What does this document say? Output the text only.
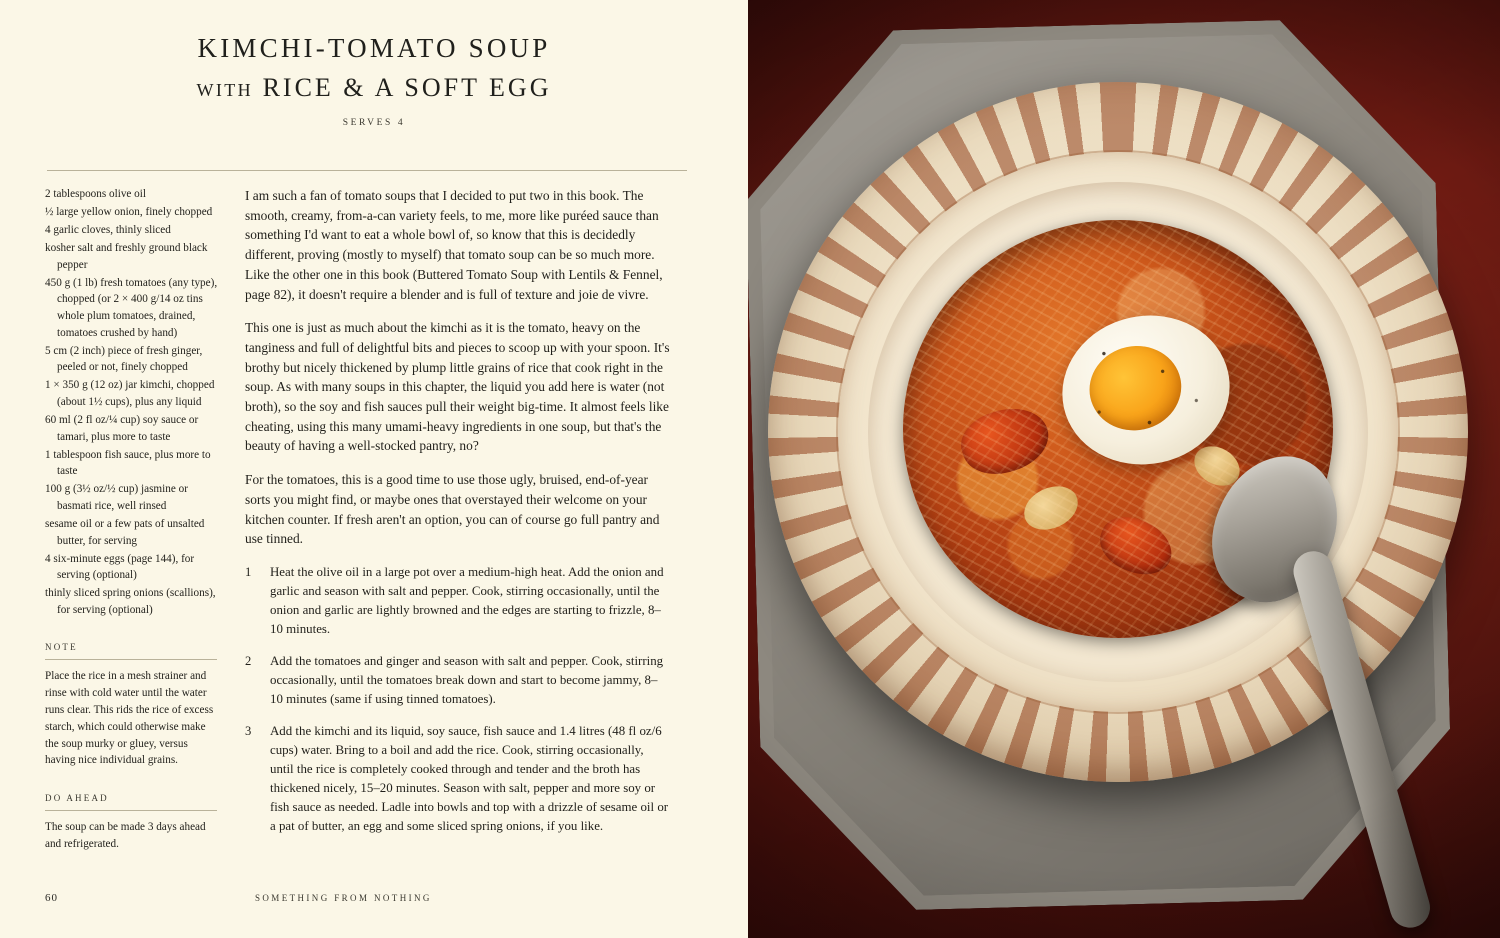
KIMCHI-TOMATO SOUP
WITH RICE & A SOFT EGG
SERVES 4
2 tablespoons olive oil
½ large yellow onion, finely chopped
4 garlic cloves, thinly sliced
kosher salt and freshly ground black pepper
450 g (1 lb) fresh tomatoes (any type), chopped (or 2 × 400 g/14 oz tins whole plum tomatoes, drained, tomatoes crushed by hand)
5 cm (2 inch) piece of fresh ginger, peeled or not, finely chopped
1 × 350 g (12 oz) jar kimchi, chopped (about 1½ cups), plus any liquid
60 ml (2 fl oz/¼ cup) soy sauce or tamari, plus more to taste
1 tablespoon fish sauce, plus more to taste
100 g (3½ oz/½ cup) jasmine or basmati rice, well rinsed
sesame oil or a few pats of unsalted butter, for serving
4 six-minute eggs (page 144), for serving (optional)
thinly sliced spring onions (scallions), for serving (optional)
NOTE
Place the rice in a mesh strainer and rinse with cold water until the water runs clear. This rids the rice of excess starch, which could otherwise make the soup murky or gluey, versus having nice individual grains.
DO AHEAD
The soup can be made 3 days ahead and refrigerated.

I am such a fan of tomato soups that I decided to put two in this book. The smooth, creamy, from-a-can variety feels, to me, more like puréed sauce than something I'd want to eat a whole bowl of, so know that this is decidedly different, proving (mostly to myself) that tomato soup can be so much more. Like the other one in this book (Buttered Tomato Soup with Lentils & Fennel, page 82), it doesn't require a blender and is full of texture and joie de vivre.

This one is just as much about the kimchi as it is the tomato, heavy on the tanginess and full of delightful bits and pieces to scoop up with your spoon. It's brothy but nicely thickened by plump little grains of rice that cook right in the soup. As with many soups in this chapter, the liquid you add here is water (not broth), so the soy and fish sauces pull their weight big-time. It almost feels like cheating, using this many umami-heavy ingredients in one soup, but that's the beauty of having a well-stocked pantry, no?

For the tomatoes, this is a good time to use those ugly, bruised, end-of-year sorts you might find, or maybe ones that overstayed their welcome on your kitchen counter. If fresh aren't an option, you can of course go full pantry and use tinned.

1	Heat the olive oil in a large pot over a medium-high heat. Add the onion and garlic and season with salt and pepper. Cook, stirring occasionally, until the onion and garlic are lightly browned and the edges are starting to frizzle, 8–10 minutes.
2	Add the tomatoes and ginger and season with salt and pepper. Cook, stirring occasionally, until the tomatoes break down and start to become jammy, 8–10 minutes (same if using tinned tomatoes).
3	Add the kimchi and its liquid, soy sauce, fish sauce and 1.4 litres (48 fl oz/6 cups) water. Bring to a boil and add the rice. Cook, stirring occasionally, until the rice is completely cooked through and tender and the broth has thickened nicely, 15–20 minutes. Season with salt, pepper and more soy or fish sauce as needed. Ladle into bowls and top with a drizzle of sesame oil or a pat of butter, an egg and some sliced spring onions, if you like.
60	SOMETHING FROM NOTHING
